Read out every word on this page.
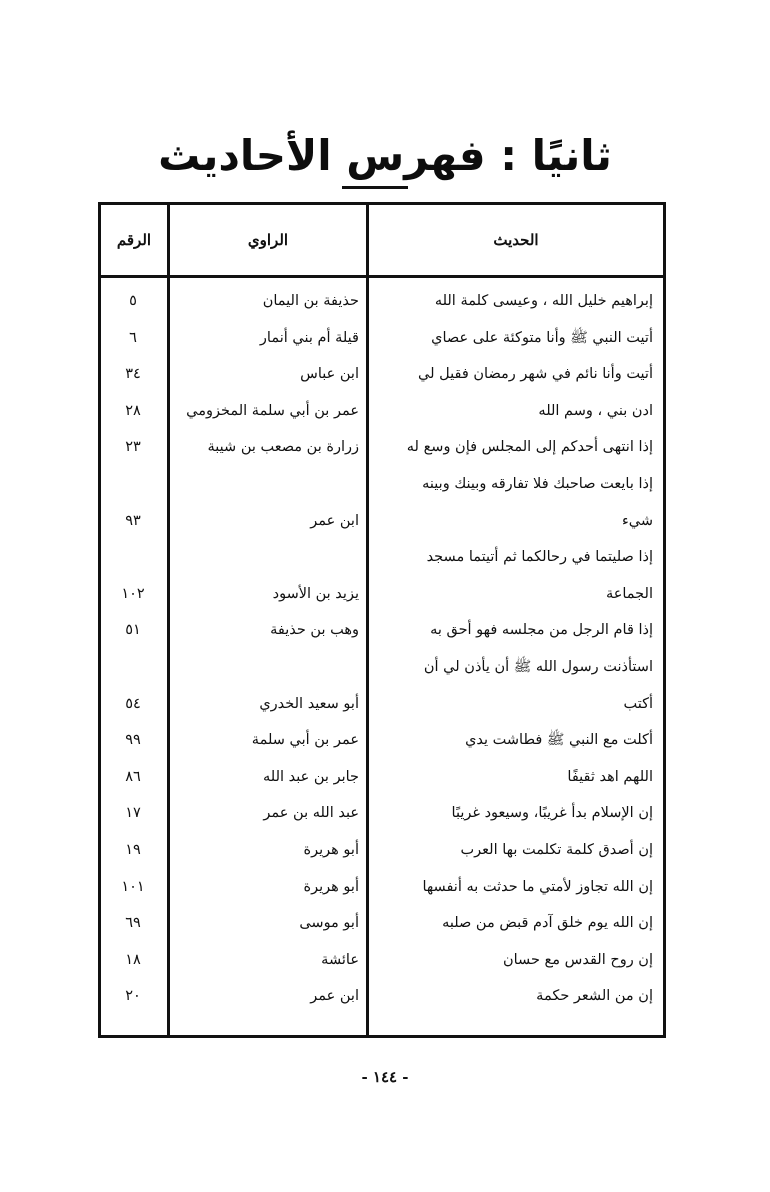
ثانيًا : فهرس الأحاديث
الرقم	الراوي	الحديث
إبراهيم خليل الله ، وعيسى كلمة الله
حذيفة بن اليمان
٥
أتيت النبي ﷺ وأنا متوكئة على عصاي
قيلة أم بني أنمار
٦
أتيت وأنا نائم في شهر رمضان فقيل لي
ابن عباس
٣٤
ادن بني ، وسم الله
عمر بن أبي سلمة المخزومي
٢٨
إذا انتهى أحدكم إلى المجلس فإن وسع له
زرارة بن مصعب بن شيبة
٢٣
إذا بايعت صاحبك فلا تفارقه وبينك وبينه
شيء
ابن عمر
٩٣
إذا صليتما في رحالكما ثم أتيتما مسجد
الجماعة
يزيد بن الأسود
١٠٢
إذا قام الرجل من مجلسه فهو أحق به
وهب بن حذيفة
٥١
استأذنت رسول الله ﷺ أن يأذن لي أن
أكتب
أبو سعيد الخدري
٥٤
أكلت مع النبي ﷺ فطاشت يدي
عمر بن أبي سلمة
٩٩
اللهم اهد ثقيفًا
جابر بن عبد الله
٨٦
إن الإسلام بدأ غريبًا، وسيعود غريبًا
عبد الله بن عمر
١٧
إن أصدق كلمة تكلمت بها العرب
أبو هريرة
١٩
إن الله تجاوز لأمتي ما حدثت به أنفسها
أبو هريرة
١٠١
إن الله يوم خلق آدم قبض من صلبه
أبو موسى
٦٩
إن روح القدس مع حسان
عائشة
١٨
إن من الشعر حكمة
ابن عمر
٢٠
- ١٤٤ -
